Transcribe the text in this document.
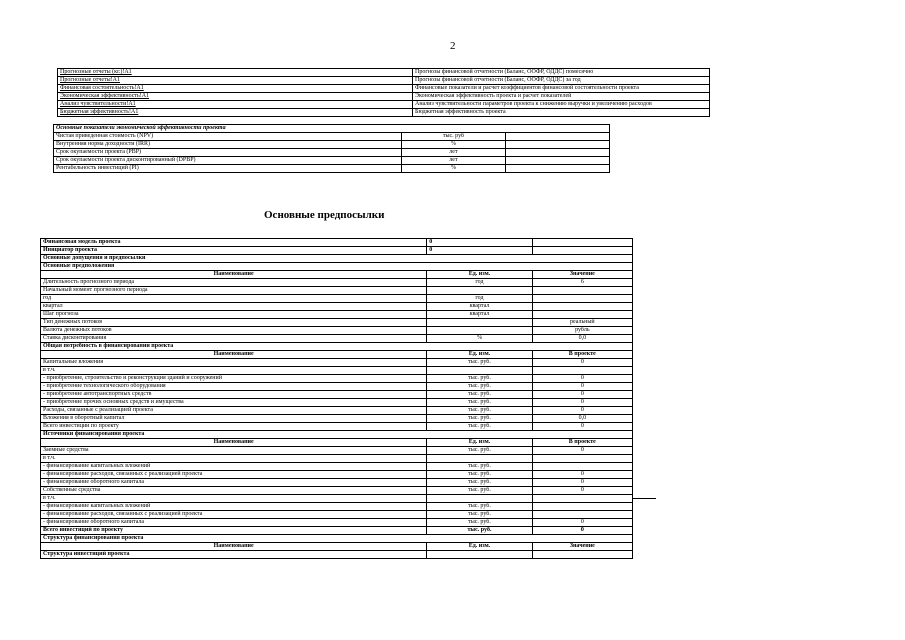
2
Прогнозные отчеты (кг.)!A1	Прогнозы финансовой отчетности (Баланс, ООФР, ОДДС) помесячно
Прогнозные отчеты!A1	Прогнозы финансовой отчетности (Баланс, ООФР, ОДДС) за год
Финансовая состоятельность!A1	Финансовые показатели и расчет коэффициентов финансовой состоятельности проекта
Экономическая эффективность!A1	Экономическая эффективность проекта и расчет показателей
Анализ чувствительности!A1	Анализ чувствительности параметров проекта к снижению выручки и увеличению расходов
Бюджетная эффективность!A1	Бюджетная эффективность проекта
Основные показатели экономической эффективности проекта		
Чистая приведенная стоимость (NPV)	тыс. руб	
Внутренняя норма доходности (IRR)	%	
Срок окупаемости проекта (PBP)	лет	
Срок окупаемости проекта дисконтированный (DPBP)	лет	
Рентабельность инвестиций (PI)	%	
Основные предпосылки
Финансовая модель проекта	0	
Инициатор проекта	0	
Основные допущения и предпосылки		
Основные предположения		
Наименование	Ед. изм.	Значение
Длительность прогнозного периода	год	6
Начальный момент прогнозного периода		
год	год	
квартал	квартал	
Шаг прогноза	квартал	
Тип денежных потоков		реальный
Валюта денежных потоков		рубль
Ставка дисконтирования	%	0,0
Общая потребность в финансировании проекта		
Наименование	Ед. изм.	В проекте
Капитальные вложения	тыс. руб.	0
в т.ч.		
- приобретение, строительство и реконструкция зданий и сооружений	тыс. руб.	0
- приобретение технологического оборудования	тыс. руб.	0
- приобретение автотранспортных средств	тыс. руб.	0
- приобретение прочих основных средств и имущества	тыс. руб.	0
Расходы, связанные с реализацией проекта	тыс. руб.	0
Вложения в оборотный капитал	тыс. руб.	0,0
Всего инвестиции по проекту	тыс. руб.	0
Источники финансирования проекта		
Наименование	Ед. изм.	В проекте
Заемные средства	тыс. руб.	0
в т.ч.		
- финансирование капитальных вложений	тыс. руб.	
- финансирование расходов, связанных с реализацией проекта	тыс. руб.	0
- финансирование оборотного капитала	тыс. руб.	0
Собственные средства	тыс. руб.	0
в т.ч.		
- финансирование капитальных вложений	тыс. руб.	
- финансирование расходов, связанных с реализацией проекта	тыс. руб.	
- финансирование оборотного капитала	тыс. руб.	0
Всего инвестиций по проекту	тыс. руб.	0
Структура финансирования проекта		
Наименование	Ед. изм.	Значение
Структура инвестиций проекта		
